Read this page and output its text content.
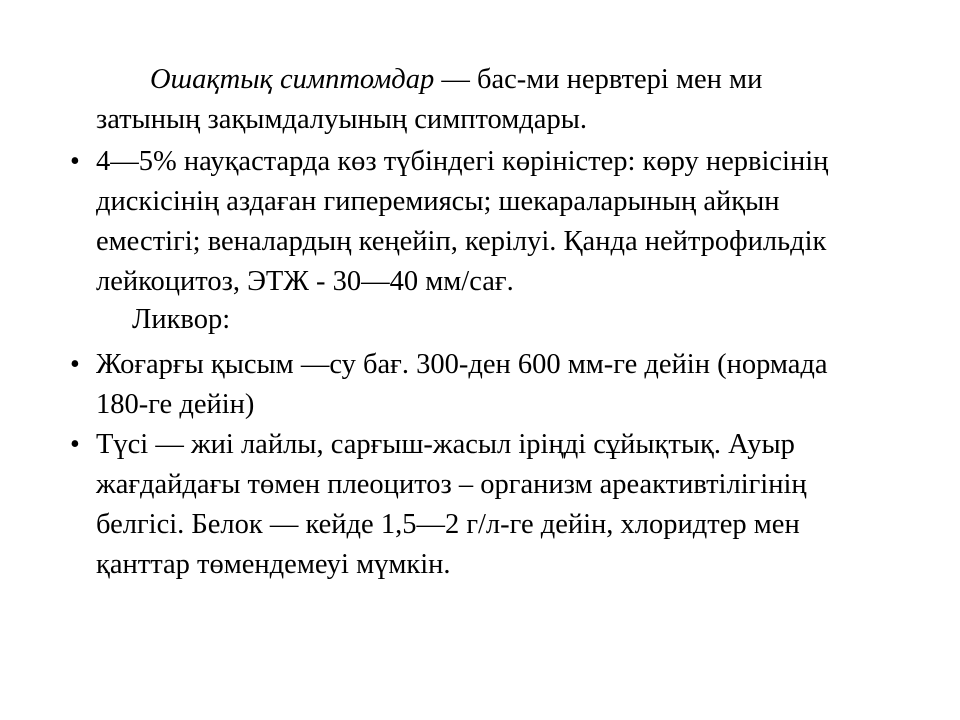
Ошақтық симптомдар — бас-ми нервтері мен ми
затының зақымдалуының симптомдары.
• 4—5% науқастарда көз түбіндегі көріністер: көру нервісінің
дискісінің аздаған гиперемиясы; шекараларының айқын
еместігі; веналардың кеңейіп, керілуі. Қанда нейтрофильдік
лейкоцитоз, ЭТЖ - 30—40 мм/сағ.
Ликвор:
• Жоғарғы қысым —су бағ. 300-ден 600 мм-ге дейін (нормада
180-ге дейін)
• Түсі — жиі лайлы, сарғыш-жасыл іріңді сұйықтық. Ауыр
жағдайдағы төмен плеоцитоз – организм ареактивтілігінің
белгісі. Белок — кейде 1,5—2 г/л-ге дейін, хлоридтер мен
қанттар төмендемеуі мүмкін.
